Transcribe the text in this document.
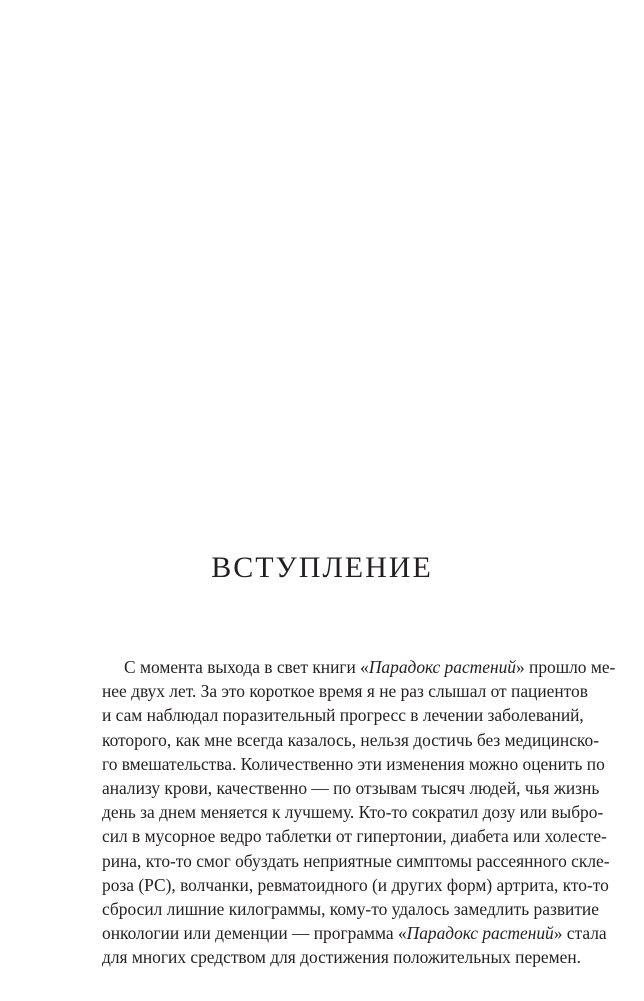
ВСТУПЛЕНИЕ
С момента выхода в свет книги «Парадокс растений» прошло ме-
нее двух лет. За это короткое время я не раз слышал от пациентов
и сам наблюдал поразительный прогресс в лечении заболеваний,
которого, как мне всегда казалось, нельзя достичь без медицинско-
го вмешательства. Количественно эти изменения можно оценить по
анализу крови, качественно — по отзывам тысяч людей, чья жизнь
день за днем меняется к лучшему. Кто-то сократил дозу или выбро-
сил в мусорное ведро таблетки от гипертонии, диабета или холесте-
рина, кто-то смог обуздать неприятные симптомы рассеянного скле-
роза (РС), волчанки, ревматоидного (и других форм) артрита, кто-то
сбросил лишние килограммы, кому-то удалось замедлить развитие
онкологии или деменции — программа «Парадокс растений» стала
для многих средством для достижения положительных перемен.
